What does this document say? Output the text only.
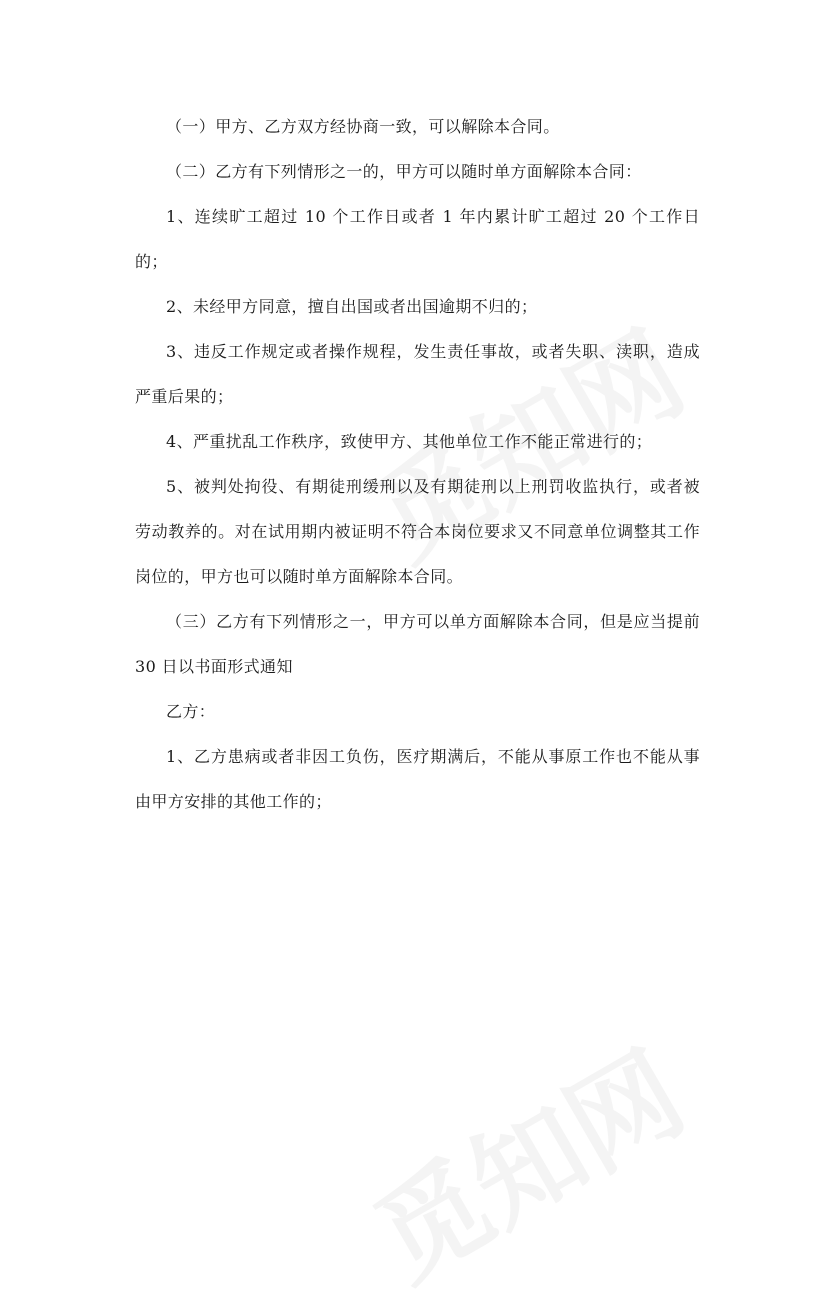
（一）甲方、乙方双方经协商一致，可以解除本合同。

（二）乙方有下列情形之一的，甲方可以随时单方面解除本合同：

1、连续旷工超过 10 个工作日或者 1 年内累计旷工超过 20 个工作日的；

2、未经甲方同意，擅自出国或者出国逾期不归的；

3、违反工作规定或者操作规程，发生责任事故，或者失职、渎职，造成严重后果的；

4、严重扰乱工作秩序，致使甲方、其他单位工作不能正常进行的；

5、被判处拘役、有期徒刑缓刑以及有期徒刑以上刑罚收监执行，或者被劳动教养的。对在试用期内被证明不符合本岗位要求又不同意单位调整其工作岗位的，甲方也可以随时单方面解除本合同。

（三）乙方有下列情形之一，甲方可以单方面解除本合同，但是应当提前 30 日以书面形式通知

乙方：

1、乙方患病或者非因工负伤，医疗期满后，不能从事原工作也不能从事由甲方安排的其他工作的；
